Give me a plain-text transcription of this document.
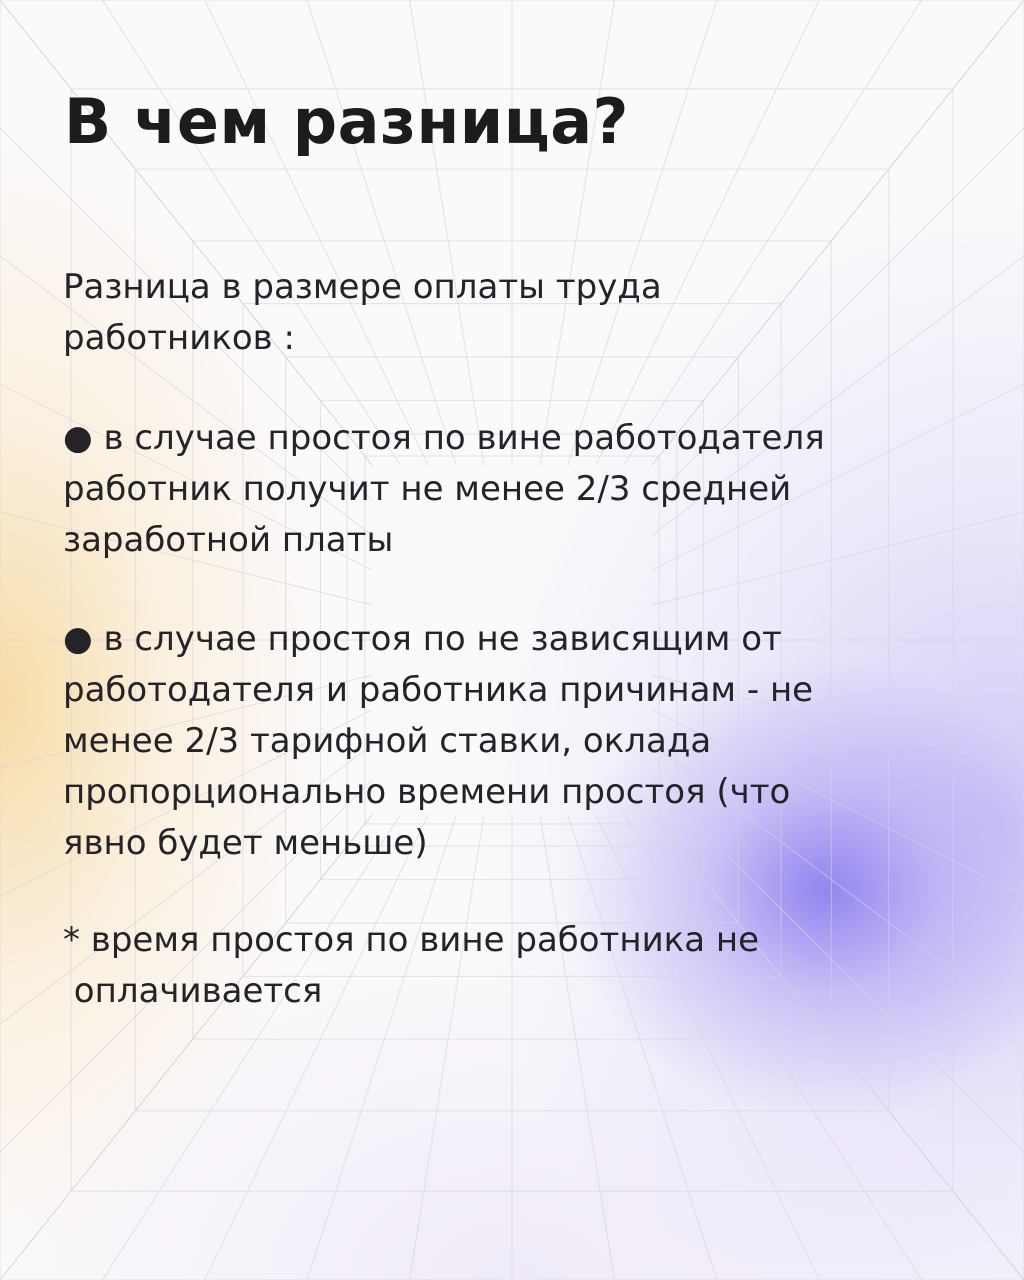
В чем разница?

Разница в размере оплаты труда
работников :

● в случае простоя по вине работодателя
работник получит не менее 2/3 средней
заработной платы

● в случае простоя по не зависящим от
работодателя и работника причинам - не
менее 2/3 тарифной ставки, оклада
пропорционально времени простоя (что
явно будет меньше)

* время простоя по вине работника не
оплачивается
